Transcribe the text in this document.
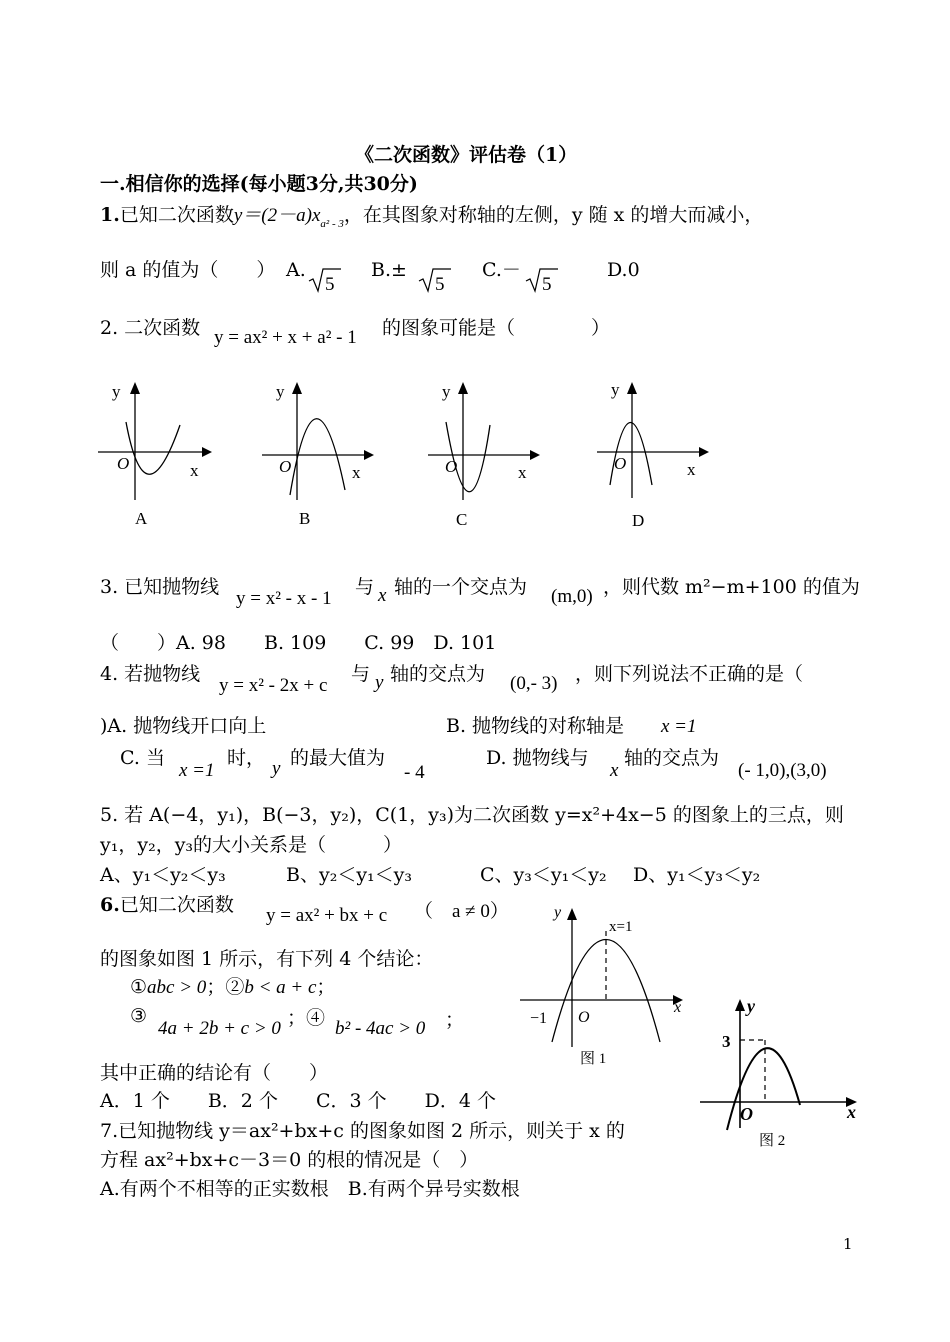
《二次函数》评估卷（1）
一.相信你的选择(每小题3分,共30分)
1.已知二次函数$y=(2-a)x_{a^2 - 3}$，在其图象对称轴的左侧，y 随 x 的增大而减小，
则 a 的值为（　　） A.
5
B.±
5
C.－
5
D.0
2. 二次函数 y = ax² + x + a² - 1 的图象可能是（　　　　）
y
x
O
A
y
x
O
B
y
x
O
C
y
x
O
D
3. 已知抛物线
y = x² - x - 1
与 x 轴的一个交点为 (m,0) ，则代数 m²−m+100 的值为
（　　）A. 98　　B. 109　　C. 99　D. 101
4. 若抛物线
y = x² - 2x + c
与 y 轴的交点为 (0,- 3) ，则下列说法不正确的是（
)A. 抛物线开口向上	B. 抛物线的对称轴是 x =1
C. 当
x =1
时， y 的最大值为
- 4
D. 抛物线与
x
轴的交点为
(- 1,0),(3,0)
5. 若 A(−4，y₁)，B(−3，y₂)，C(1，y₃)为二次函数 y=x²+4x−5 的图象上的三点，则
y₁，y₂，y₃的大小关系是（　　　）
A、y₁＜y₂＜y₃	B、y₂＜y₁＜y₃	C、y₃＜y₁＜y₂ D、y₁＜y₃＜y₂
6.已知二次函数 y = ax² + bx + c （　a ≠ 0）
的图象如图 1 所示，有下列 4 个结论：
①abc > 0；②b < a + c；
③
4a + 2b + c > 0 ；④ b² - 4ac > 0 ；
其中正确的结论有（　　）
A．1 个　　B．2 个　　C．3 个　　D．4 个
y
x
x=1
−1 O
图 1
y
x
3
O
图 2
7.已知抛物线 y＝ax²+bx+c 的图象如图 2 所示，则关于 x 的
方程 ax²+bx+c－3＝0 的根的情况是（　）
A.有两个不相等的正实数根　B.有两个异号实数根
1
